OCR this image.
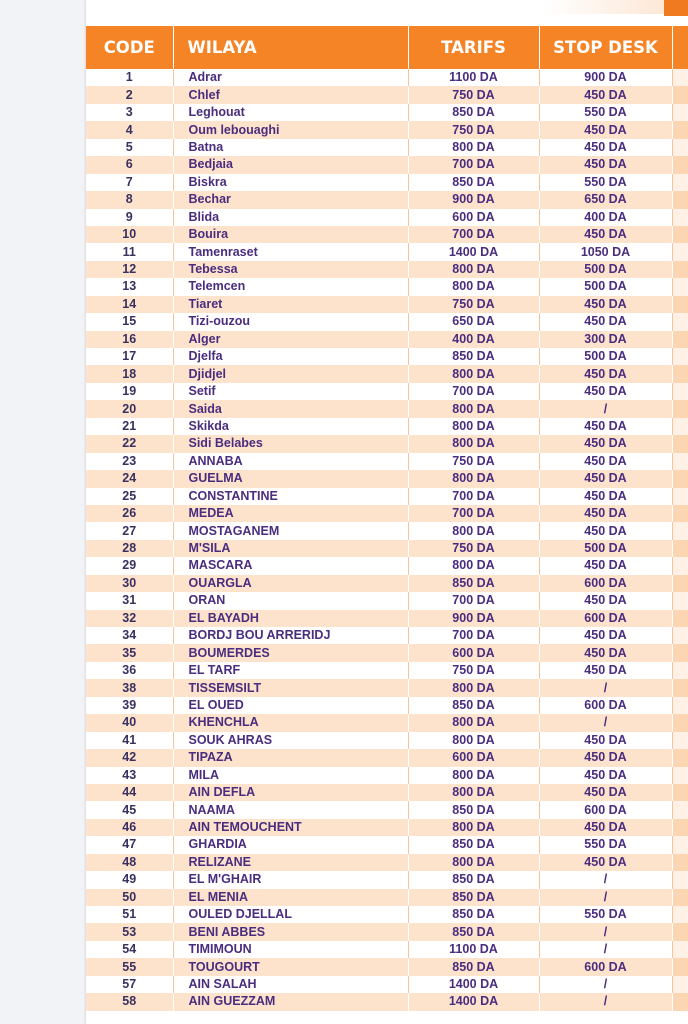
CODE	WILAYA	TARIFS	STOP DESK	
1	Adrar	1100 DA	900 DA	
2	Chlef	750 DA	450 DA	
3	Leghouat	850 DA	550 DA	
4	Oum lebouaghi	750 DA	450 DA	
5	Batna	800 DA	450 DA	
6	Bedjaia	700 DA	450 DA	
7	Biskra	850 DA	550 DA	
8	Bechar	900 DA	650 DA	
9	Blida	600 DA	400 DA	
10	Bouira	700 DA	450 DA	
11	Tamenraset	1400 DA	1050 DA	
12	Tebessa	800 DA	500 DA	
13	Telemcen	800 DA	500 DA	
14	Tiaret	750 DA	450 DA	
15	Tizi-ouzou	650 DA	450 DA	
16	Alger	400 DA	300 DA	
17	Djelfa	850 DA	500 DA	
18	Djidjel	800 DA	450 DA	
19	Setif	700 DA	450 DA	
20	Saida	800 DA	/	
21	Skikda	800 DA	450 DA	
22	Sidi Belabes	800 DA	450 DA	
23	ANNABA	750 DA	450 DA	
24	GUELMA	800 DA	450 DA	
25	CONSTANTINE	700 DA	450 DA	
26	MEDEA	700 DA	450 DA	
27	MOSTAGANEM	800 DA	450 DA	
28	M'SILA	750 DA	500 DA	
29	MASCARA	800 DA	450 DA	
30	OUARGLA	850 DA	600 DA	
31	ORAN	700 DA	450 DA	
32	EL BAYADH	900 DA	600 DA	
34	BORDJ BOU ARRERIDJ	700 DA	450 DA	
35	BOUMERDES	600 DA	450 DA	
36	EL TARF	750 DA	450 DA	
38	TISSEMSILT	800 DA	/	
39	EL OUED	850 DA	600 DA	
40	KHENCHLA	800 DA	/	
41	SOUK AHRAS	800 DA	450 DA	
42	TIPAZA	600 DA	450 DA	
43	MILA	800 DA	450 DA	
44	AIN DEFLA	800 DA	450 DA	
45	NAAMA	850 DA	600 DA	
46	AIN TEMOUCHENT	800 DA	450 DA	
47	GHARDIA	850 DA	550 DA	
48	RELIZANE	800 DA	450 DA	
49	EL M'GHAIR	850 DA	/	
50	EL MENIA	850 DA	/	
51	OULED DJELLAL	850 DA	550 DA	
53	BENI ABBES	850 DA	/	
54	TIMIMOUN	1100 DA	/	
55	TOUGOURT	850 DA	600 DA	
57	AIN SALAH	1400 DA	/	
58	AIN GUEZZAM	1400 DA	/	
